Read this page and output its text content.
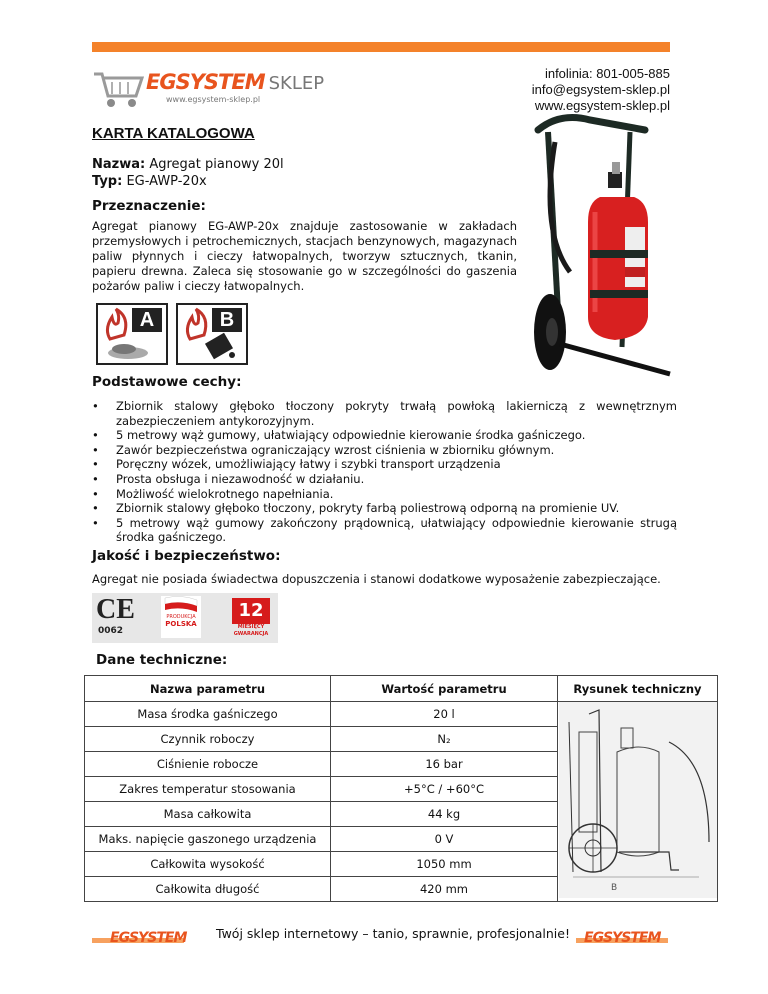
EGSYSTEM SKLEP
www.egsystem-sklep.pl
infolinia: 801-005-885
info@egsystem-sklep.pl
www.egsystem-sklep.pl
KARTA KATALOGOWA
Nazwa: Agregat pianowy 20l
Typ: EG-AWP-20x
Przeznaczenie:
Agregat pianowy EG-AWP-20x znajduje zastosowanie w zakładach przemysłowych i petrochemicznych, stacjach benzynowych, magazynach paliw płynnych i cieczy łatwopalnych, tworzyw sztucznych, tkanin, papieru drewna. Zaleca się stosowanie go w szczególności do gaszenia pożarów paliw i cieczy łatwopalnych.
A	B
Podstawowe cechy:
• Zbiornik stalowy głęboko tłoczony pokryty trwałą powłoką lakierniczą z wewnętrznym zabezpieczeniem antykorozyjnym.
• 5 metrowy wąż gumowy, ułatwiający odpowiednie kierowanie środka gaśniczego.
• Zawór bezpieczeństwa ograniczający wzrost ciśnienia w zbiorniku głównym.
• Poręczny wózek, umożliwiający łatwy i szybki transport urządzenia
• Prosta obsługa i niezawodność w działaniu.
• Możliwość wielokrotnego napełniania.
• Zbiornik stalowy głęboko tłoczony, pokryty farbą poliestrową odporną na promienie UV.
• 5 metrowy wąż gumowy zakończony prądownicą, ułatwiający odpowiednie kierowanie strugą środka gaśniczego.
Jakość i bezpieczeństwo:
Agregat nie posiada świadectwa dopuszczenia i stanowi dodatkowe wyposażenie zabezpieczające.
CE
0062
PRODUKCJA
POLSKA
12
MIESIĘCY
GWARANCJA
Dane techniczne:
Nazwa parametru	Wartość parametru	Rysunek techniczny
Masa środka gaśniczego	20 l	B

Czynnik roboczy	N₂	
Ciśnienie robocze	16 bar	
Zakres temperatur stosowania	+5°C / +60°C	
Masa całkowita	44 kg	
Maks. napięcie gaszonego urządzenia	0 V	
Całkowita wysokość	1050 mm	
Całkowita długość	420 mm	
EGSYSTEM Twój sklep internetowy – tanio, sprawnie, profesjonalnie! EGSYSTEM
